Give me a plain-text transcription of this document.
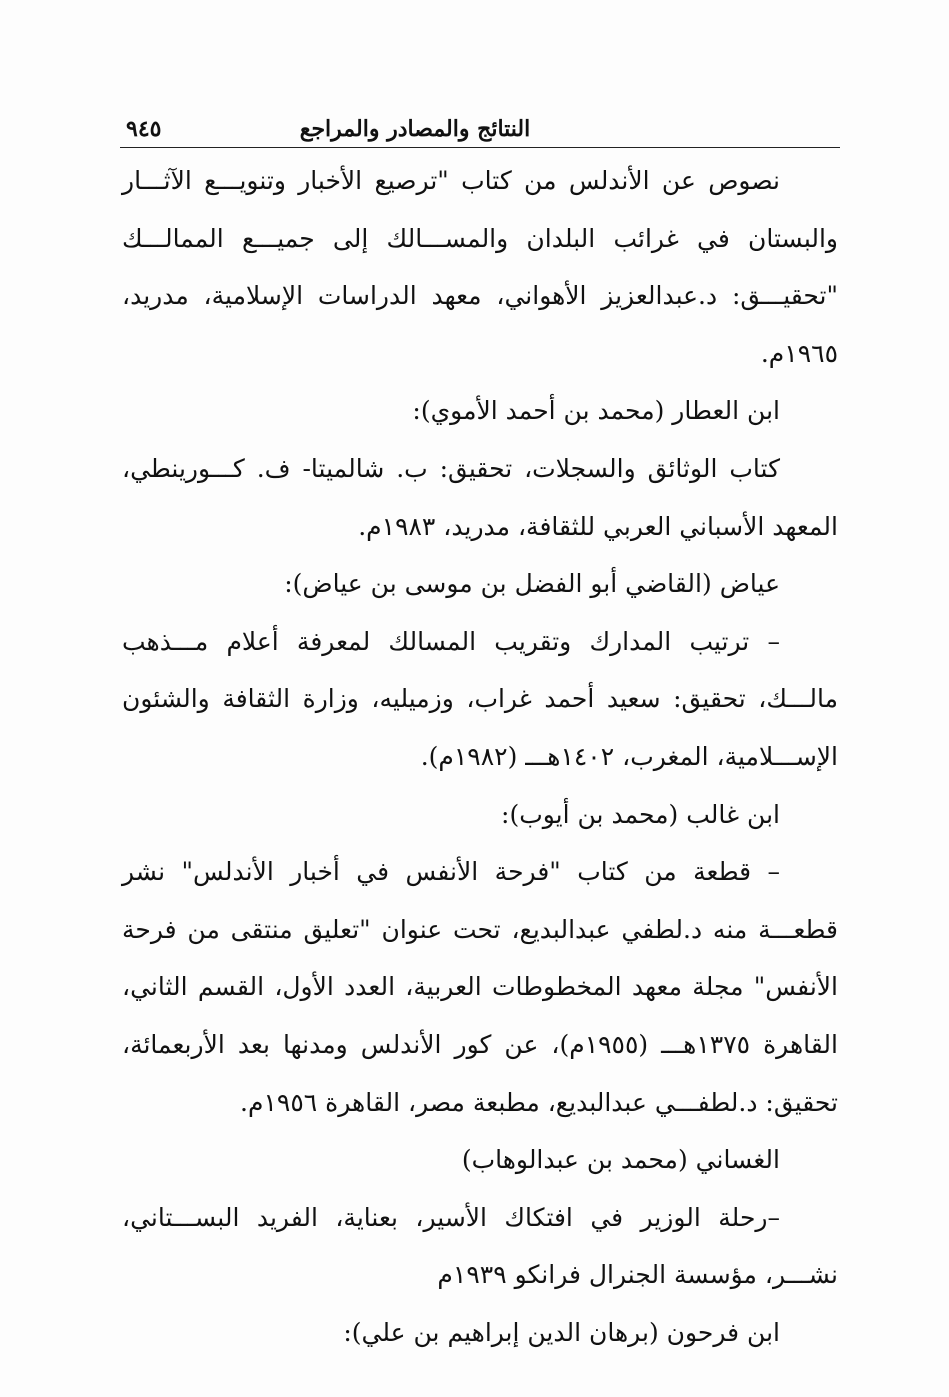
النتائج والمصادر والمراجع
٩٤٥

نصوص عن الأندلس من كتاب "ترصيع الأخبار وتنويـــع الآثـــار والبستان في غرائب البلدان والمســـالك إلى جميـــع الممالـــك "تحقيـــق: د.عبدالعزيز الأهواني، معهد الدراسات الإسلامية، مدريد، ١٩٦٥م.

ابن العطار (محمد بن أحمد الأموي):

كتاب الوثائق والسجلات، تحقيق: ب. شالميتا- ف. كـــورينطي، المعهد الأسباني العربي للثقافة، مدريد، ١٩٨٣م.

عياض (القاضي أبو الفضل بن موسى بن عياض):

– ترتيب المدارك وتقريب المسالك لمعرفة أعلام مـــذهب مالـــك، تحقيق: سعيد أحمد غراب، وزميليه، وزارة الثقافة والشئون الإســـلامية، المغرب، ١٤٠٢هـــ (١٩٨٢م).

ابن غالب (محمد بن أيوب):

– قطعة من كتاب "فرحة الأنفس في أخبار الأندلس" نشر قطعـــة منه د.لطفي عبدالبديع، تحت عنوان "تعليق منتقى من فرحة الأنفس" مجلة معهد المخطوطات العربية، العدد الأول، القسم الثاني، القاهرة ١٣٧٥هـــ (١٩٥٥م)، عن كور الأندلس ومدنها بعد الأربعمائة، تحقيق: د.لطفـــي عبدالبديع، مطبعة مصر، القاهرة ١٩٥٦م.

الغساني (محمد بن عبدالوهاب)

–رحلة الوزير في افتكاك الأسير، بعناية، الفريد البســـتاني، نشـــر، مؤسسة الجنرال فرانكو ١٩٣٩م

ابن فرحون (برهان الدين إبراهيم بن علي):
